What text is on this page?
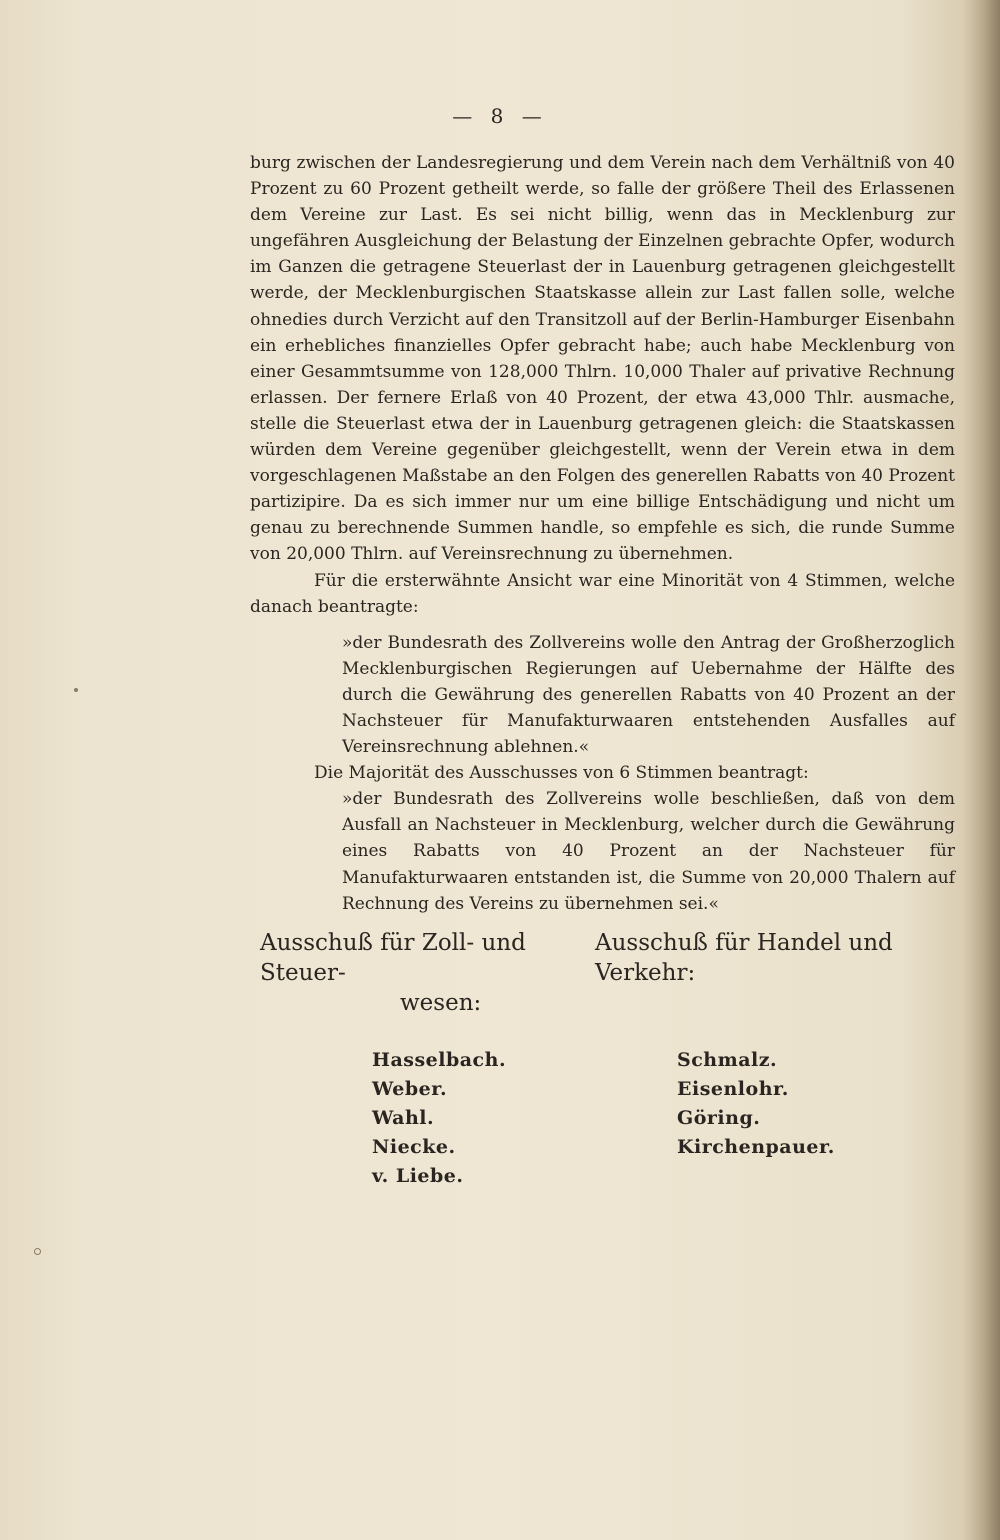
— 8 —

burg zwischen der Landesregierung und dem Verein nach dem Verhältniß von 40 Prozent zu 60 Prozent getheilt werde, so falle der größere Theil des Erlassenen dem Vereine zur Last. Es sei nicht billig, wenn das in Mecklenburg zur ungefähren Ausgleichung der Belastung der Einzelnen gebrachte Opfer, wodurch im Ganzen die getragene Steuerlast der in Lauenburg getragenen gleichgestellt werde, der Mecklenburgischen Staatskasse allein zur Last fallen solle, welche ohnedies durch Verzicht auf den Transitzoll auf der Berlin-Hamburger Eisenbahn ein erhebliches finanzielles Opfer gebracht habe; auch habe Mecklenburg von einer Gesammtsumme von 128,000 Thlrn. 10,000 Thaler auf privative Rechnung erlassen. Der fernere Erlaß von 40 Prozent, der etwa 43,000 Thlr. ausmache, stelle die Steuerlast etwa der in Lauenburg getragenen gleich: die Staatskassen würden dem Vereine gegenüber gleichgestellt, wenn der Verein etwa in dem vorgeschlagenen Maßstabe an den Folgen des generellen Rabatts von 40 Prozent partizipire. Da es sich immer nur um eine billige Entschädigung und nicht um genau zu berechnende Summen handle, so empfehle es sich, die runde Summe von 20,000 Thlrn. auf Vereinsrechnung zu übernehmen.

Für die ersterwähnte Ansicht war eine Minorität von 4 Stimmen, welche danach beantragte:

»der Bundesrath des Zollvereins wolle den Antrag der Großherzoglich Mecklenburgischen Regierungen auf Uebernahme der Hälfte des durch die Gewährung des generellen Rabatts von 40 Prozent an der Nachsteuer für Manufakturwaaren entstehenden Ausfalles auf Vereinsrechnung ablehnen.«

Die Majorität des Ausschusses von 6 Stimmen beantragt:

»der Bundesrath des Zollvereins wolle beschließen, daß von dem Ausfall an Nachsteuer in Mecklenburg, welcher durch die Gewährung eines Rabatts von 40 Prozent an der Nachsteuer für Manufakturwaaren entstanden ist, die Summe von 20,000 Thalern auf Rechnung des Vereins zu übernehmen sei.«

Ausschuß für Zoll- und Steuer-
wesen:
Hasselbach.
Weber.
Wahl.
Niecke.
v. Liebe.
Ausschuß für Handel und Verkehr:
Schmalz.
Eisenlohr.
Göring.
Kirchenpauer.
